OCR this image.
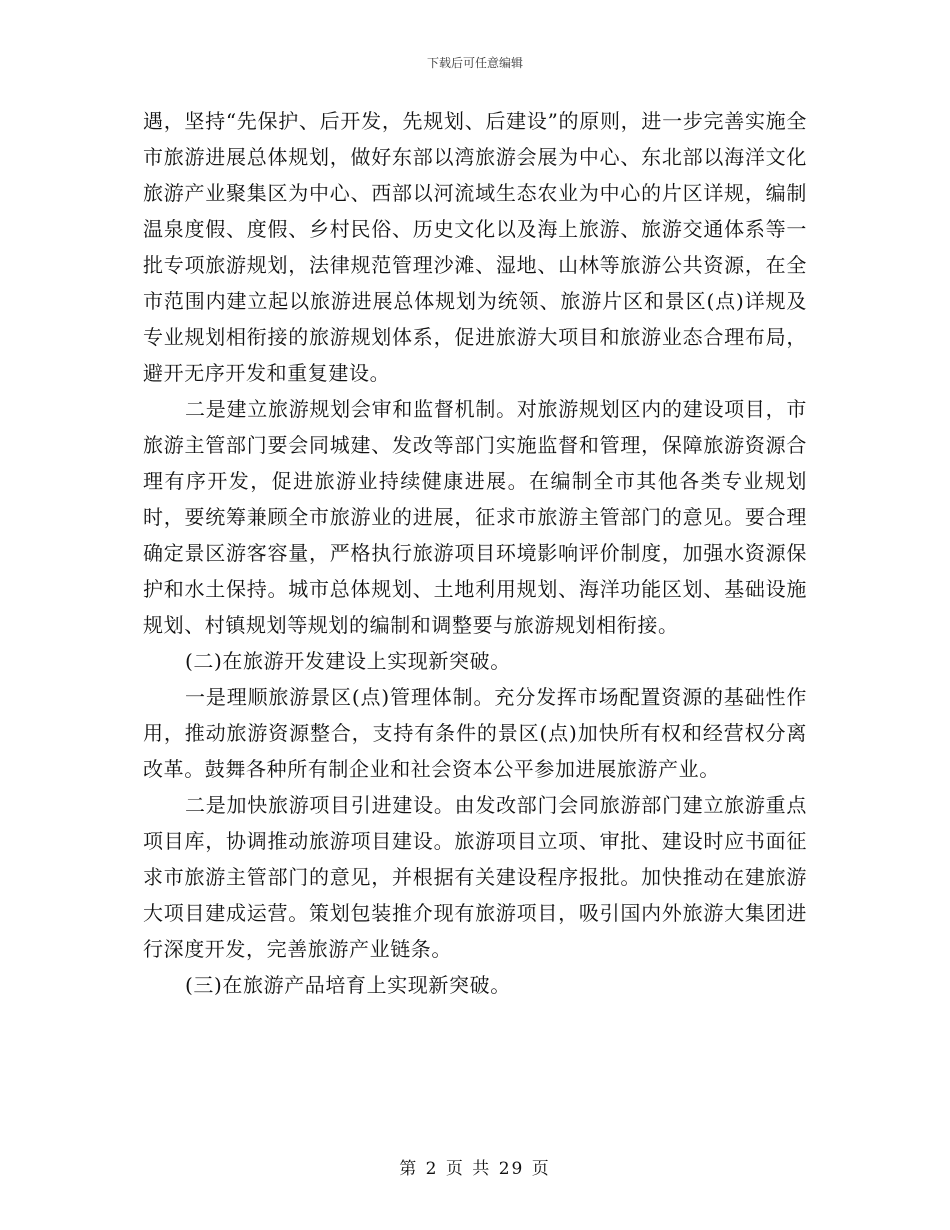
下载后可任意编辑

遇，坚持“先保护、后开发，先规划、后建设”的原则，进一步完善实施全市旅游进展总体规划，做好东部以湾旅游会展为中心、东北部以海洋文化旅游产业聚集区为中心、西部以河流域生态农业为中心的片区详规，编制温泉度假、度假、乡村民俗、历史文化以及海上旅游、旅游交通体系等一批专项旅游规划，法律规范管理沙滩、湿地、山林等旅游公共资源，在全市范围内建立起以旅游进展总体规划为统领、旅游片区和景区(点)详规及专业规划相衔接的旅游规划体系，促进旅游大项目和旅游业态合理布局，避开无序开发和重复建设。

二是建立旅游规划会审和监督机制。对旅游规划区内的建设项目，市旅游主管部门要会同城建、发改等部门实施监督和管理，保障旅游资源合理有序开发，促进旅游业持续健康进展。在编制全市其他各类专业规划时，要统筹兼顾全市旅游业的进展，征求市旅游主管部门的意见。要合理确定景区游客容量，严格执行旅游项目环境影响评价制度，加强水资源保护和水土保持。城市总体规划、土地利用规划、海洋功能区划、基础设施规划、村镇规划等规划的编制和调整要与旅游规划相衔接。

(二)在旅游开发建设上实现新突破。

一是理顺旅游景区(点)管理体制。充分发挥市场配置资源的基础性作用，推动旅游资源整合，支持有条件的景区(点)加快所有权和经营权分离改革。鼓舞各种所有制企业和社会资本公平参加进展旅游产业。

二是加快旅游项目引进建设。由发改部门会同旅游部门建立旅游重点项目库，协调推动旅游项目建设。旅游项目立项、审批、建设时应书面征求市旅游主管部门的意见，并根据有关建设程序报批。加快推动在建旅游大项目建成运营。策划包装推介现有旅游项目，吸引国内外旅游大集团进行深度开发，完善旅游产业链条。

(三)在旅游产品培育上实现新突破。

第 2 页 共 29 页
